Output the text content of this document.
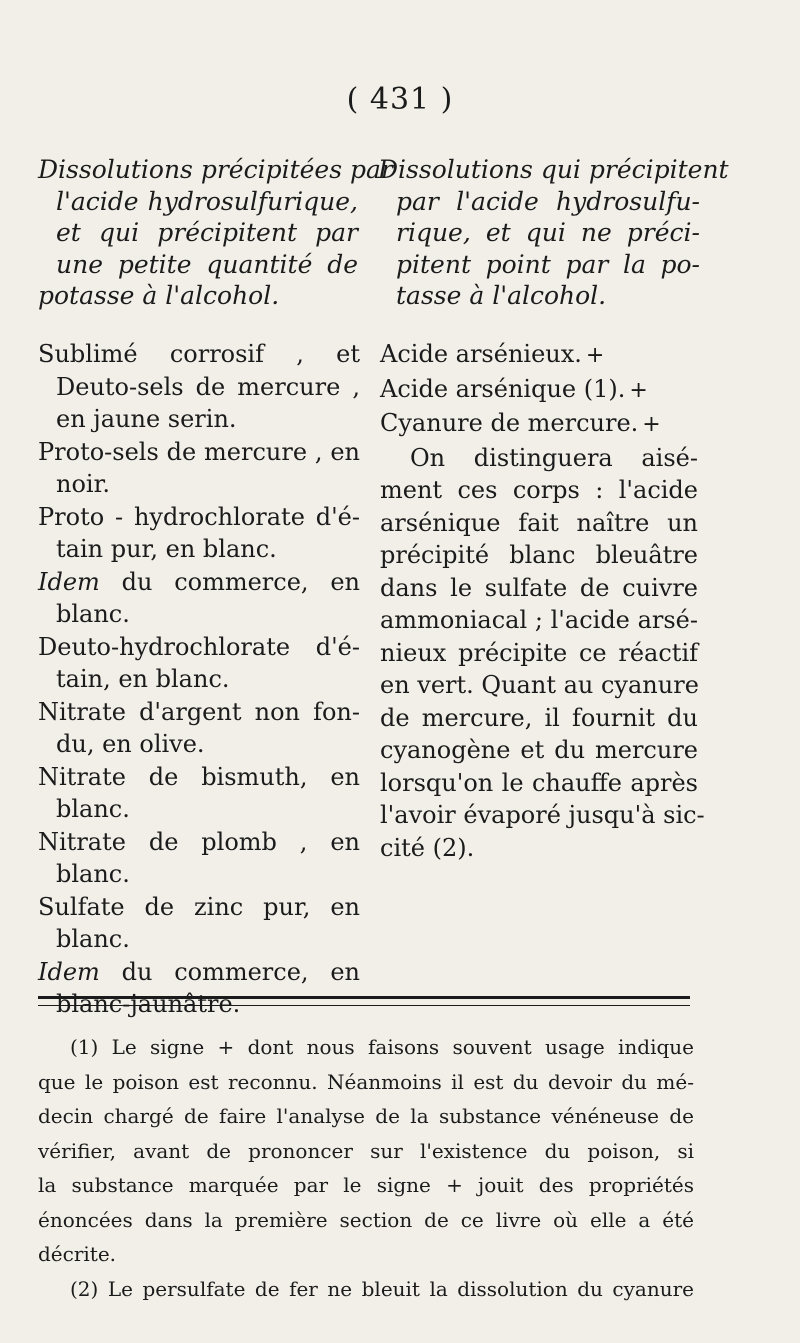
( 431 )
Dissolutions précipitées par
l'acide hydrosulfurique,
et qui précipitent par
une petite quantité de
potasse à l'alcohol.
Dissolutions qui précipitent
par l'acide hydrosulfu-
rique, et qui ne préci-
pitent point par la po-
tasse à l'alcohol.
Sublimé corrosif , et
Deuto-sels de mercure ,
en jaune serin.
Proto-sels de mercure , en
noir.
Proto - hydrochlorate d'é-
tain pur, en blanc.
Idem du commerce, en
blanc.
Deuto-hydrochlorate d'é-
tain, en blanc.
Nitrate d'argent non fon-
du, en olive.
Nitrate de bismuth, en
blanc.
Nitrate de plomb , en
blanc.
Sulfate de zinc pur, en
blanc.
Idem du commerce, en
blanc-jaunâtre.
Acide arsénieux. +
Acide arsénique (1). +
Cyanure de mercure. +
On distinguera aisé-
ment ces corps : l'acide
arsénique fait naître un
précipité blanc bleuâtre
dans le sulfate de cuivre
ammoniacal ; l'acide arsé-
nieux précipite ce réactif
en vert. Quant au cyanure
de mercure, il fournit du
cyanogène et du mercure
lorsqu'on le chauffe après
l'avoir évaporé jusqu'à sic-
cité (2).
(1) Le signe + dont nous faisons souvent usage indique
que le poison est reconnu. Néanmoins il est du devoir du mé-
decin chargé de faire l'analyse de la substance vénéneuse de
vérifier, avant de prononcer sur l'existence du poison, si
la substance marquée par le signe + jouit des propriétés
énoncées dans la première section de ce livre où elle a été
décrite.
(2) Le persulfate de fer ne bleuit la dissolution du cyanure
